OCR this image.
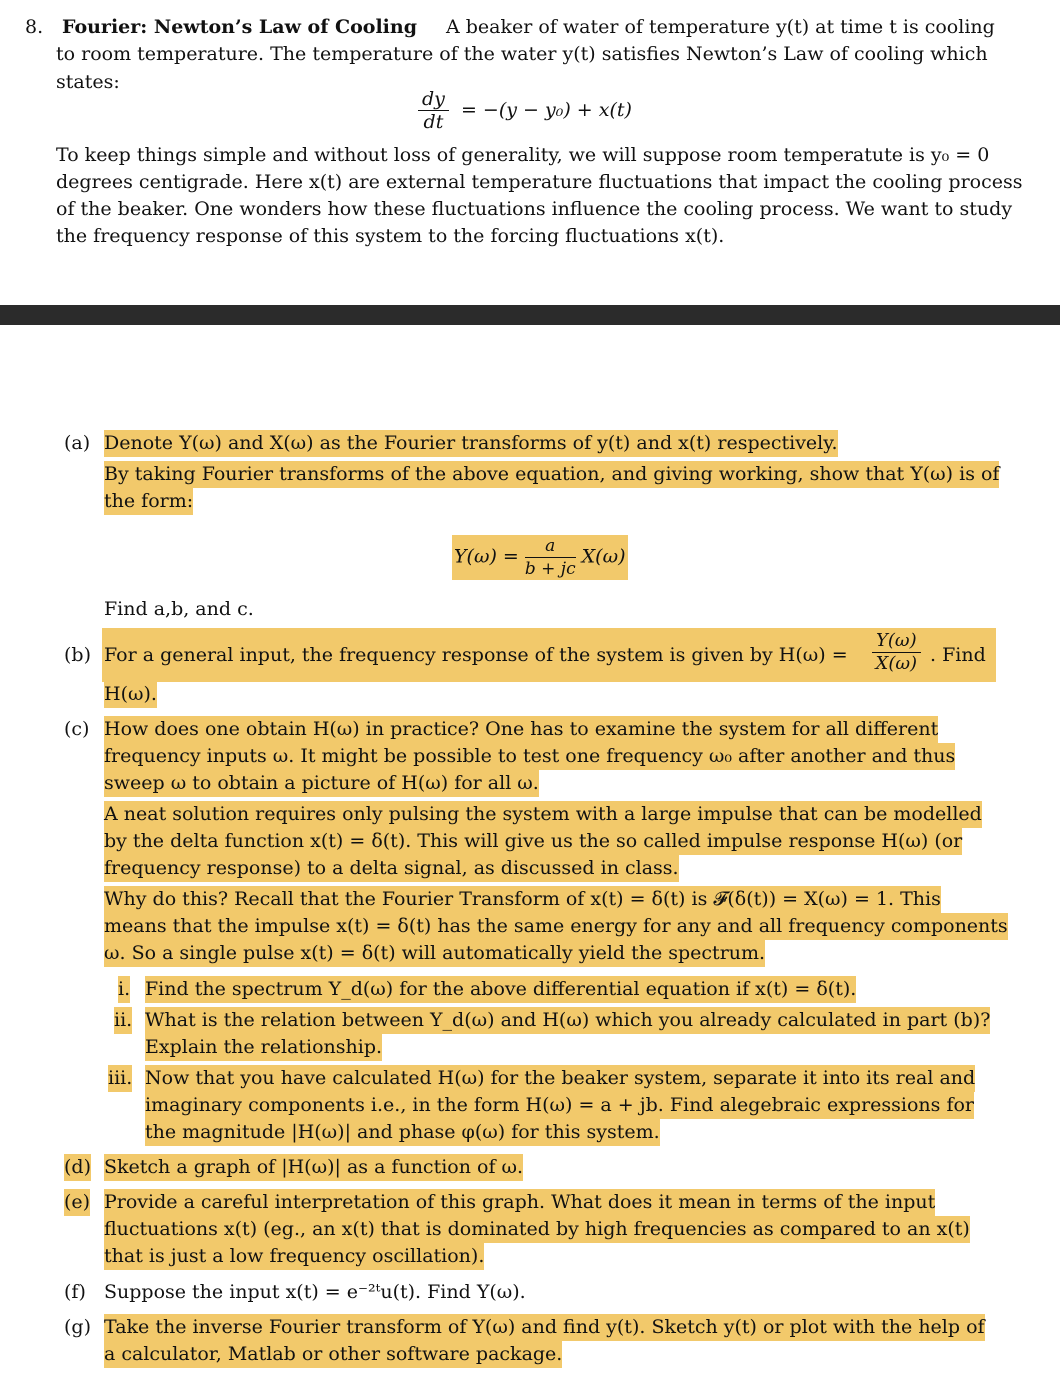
8. Fourier: Newton’s Law of Cooling A beaker of water of temperature y(t) at time t is cooling
to room temperature. The temperature of the water y(t) satisfies Newton’s Law of cooling which
states:
$\frac{dy}{dt} = -(y - y_0) + x(t)$
To keep things simple and without loss of generality, we will suppose room temperatute is y₀ = 0
degrees centigrade. Here x(t) are external temperature fluctuations that impact the cooling process
of the beaker. One wonders how these fluctuations influence the cooling process. We want to study
the frequency response of this system to the forcing fluctuations x(t).
(a) Denote Y(ω) and X(ω) as the Fourier transforms of y(t) and x(t) respectively.
By taking Fourier transforms of the above equation, and giving working, show that Y(ω) is of
the form:
$Y(\omega) = \frac{a}{b + jc} X(\omega)$
Find a,b, and c.
(b) For a general input, the frequency response of the system is given by $H(\omega) = \frac{Y(\omega)}{X(\omega)}$ . Find
H(ω).
(c) How does one obtain H(ω) in practice? One has to examine the system for all different
frequency inputs ω. It might be possible to test one frequency ω₀ after another and thus
sweep ω to obtain a picture of H(ω) for all ω.
A neat solution requires only pulsing the system with a large impulse that can be modelled
by the delta function x(t) = δ(t). This will give us the so called impulse response H(ω) (or
frequency response) to a delta signal, as discussed in class.
Why do this? Recall that the Fourier Transform of x(t) = δ(t) is 𝓕(δ(t)) = X(ω) = 1. This
means that the impulse x(t) = δ(t) has the same energy for any and all frequency components
ω. So a single pulse x(t) = δ(t) will automatically yield the spectrum.
i. Find the spectrum Y_d(ω) for the above differential equation if x(t) = δ(t).
ii. What is the relation between Y_d(ω) and H(ω) which you already calculated in part (b)?
Explain the relationship.
iii. Now that you have calculated H(ω) for the beaker system, separate it into its real and
imaginary components i.e., in the form H(ω) = a + jb. Find alegebraic expressions for
the magnitude |H(ω)| and phase φ(ω) for this system.
(d) Sketch a graph of |H(ω)| as a function of ω.
(e) Provide a careful interpretation of this graph. What does it mean in terms of the input
fluctuations x(t) (eg., an x(t) that is dominated by high frequencies as compared to an x(t)
that is just a low frequency oscillation).
(f) Suppose the input x(t) = e⁻²ᵗu(t). Find Y(ω).
(g) Take the inverse Fourier transform of Y(ω) and find y(t). Sketch y(t) or plot with the help of
a calculator, Matlab or other software package.
